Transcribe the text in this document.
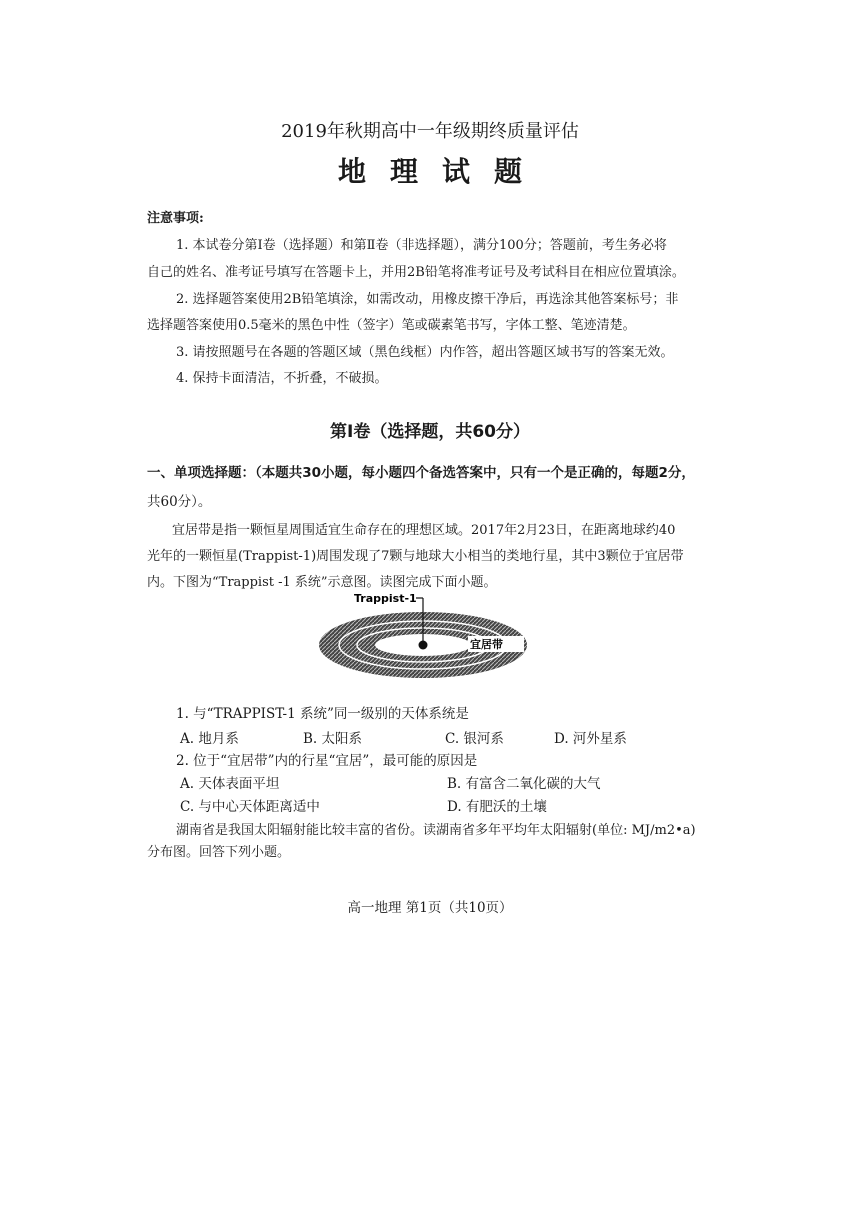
2019年秋期高中一年级期终质量评估
地理试题
注意事项:
1. 本试卷分第Ⅰ卷（选择题）和第Ⅱ卷（非选择题），满分100分；答题前，考生务必将
自己的姓名、准考证号填写在答题卡上，并用2B铅笔将准考证号及考试科目在相应位置填涂。
2. 选择题答案使用2B铅笔填涂，如需改动，用橡皮擦干净后，再选涂其他答案标号；非
选择题答案使用0.5毫米的黑色中性（签字）笔或碳素笔书写，字体工整、笔迹清楚。
3. 请按照题号在各题的答题区域（黑色线框）内作答，超出答题区域书写的答案无效。
4. 保持卡面清洁，不折叠，不破损。
第Ⅰ卷（选择题，共60分）
一、单项选择题：（本题共30小题，每小题四个备选答案中，只有一个是正确的，每题2分，
共60分）。
宜居带是指一颗恒星周围适宜生命存在的理想区域。2017年2月23日，在距离地球约40
光年的一颗恒星(Trappist-1)周围发现了7颗与地球大小相当的类地行星，其中3颗位于宜居带
内。下图为“Trappist -1 系统”示意图。读图完成下面小题。
Trappist-1
宜居带
1. 与“TRAPPIST-1 系统”同一级别的天体系统是
A. 地月系	B. 太阳系	C. 银河系	D. 河外星系
2. 位于“宜居带”内的行星“宜居”，最可能的原因是
A. 天体表面平坦	B. 有富含二氧化碳的大气
C. 与中心天体距离适中	D. 有肥沃的土壤
湖南省是我国太阳辐射能比较丰富的省份。读湖南省多年平均年太阳辐射(单位: MJ/m2•a)
分布图。回答下列小题。
高一地理 第1页（共10页）
